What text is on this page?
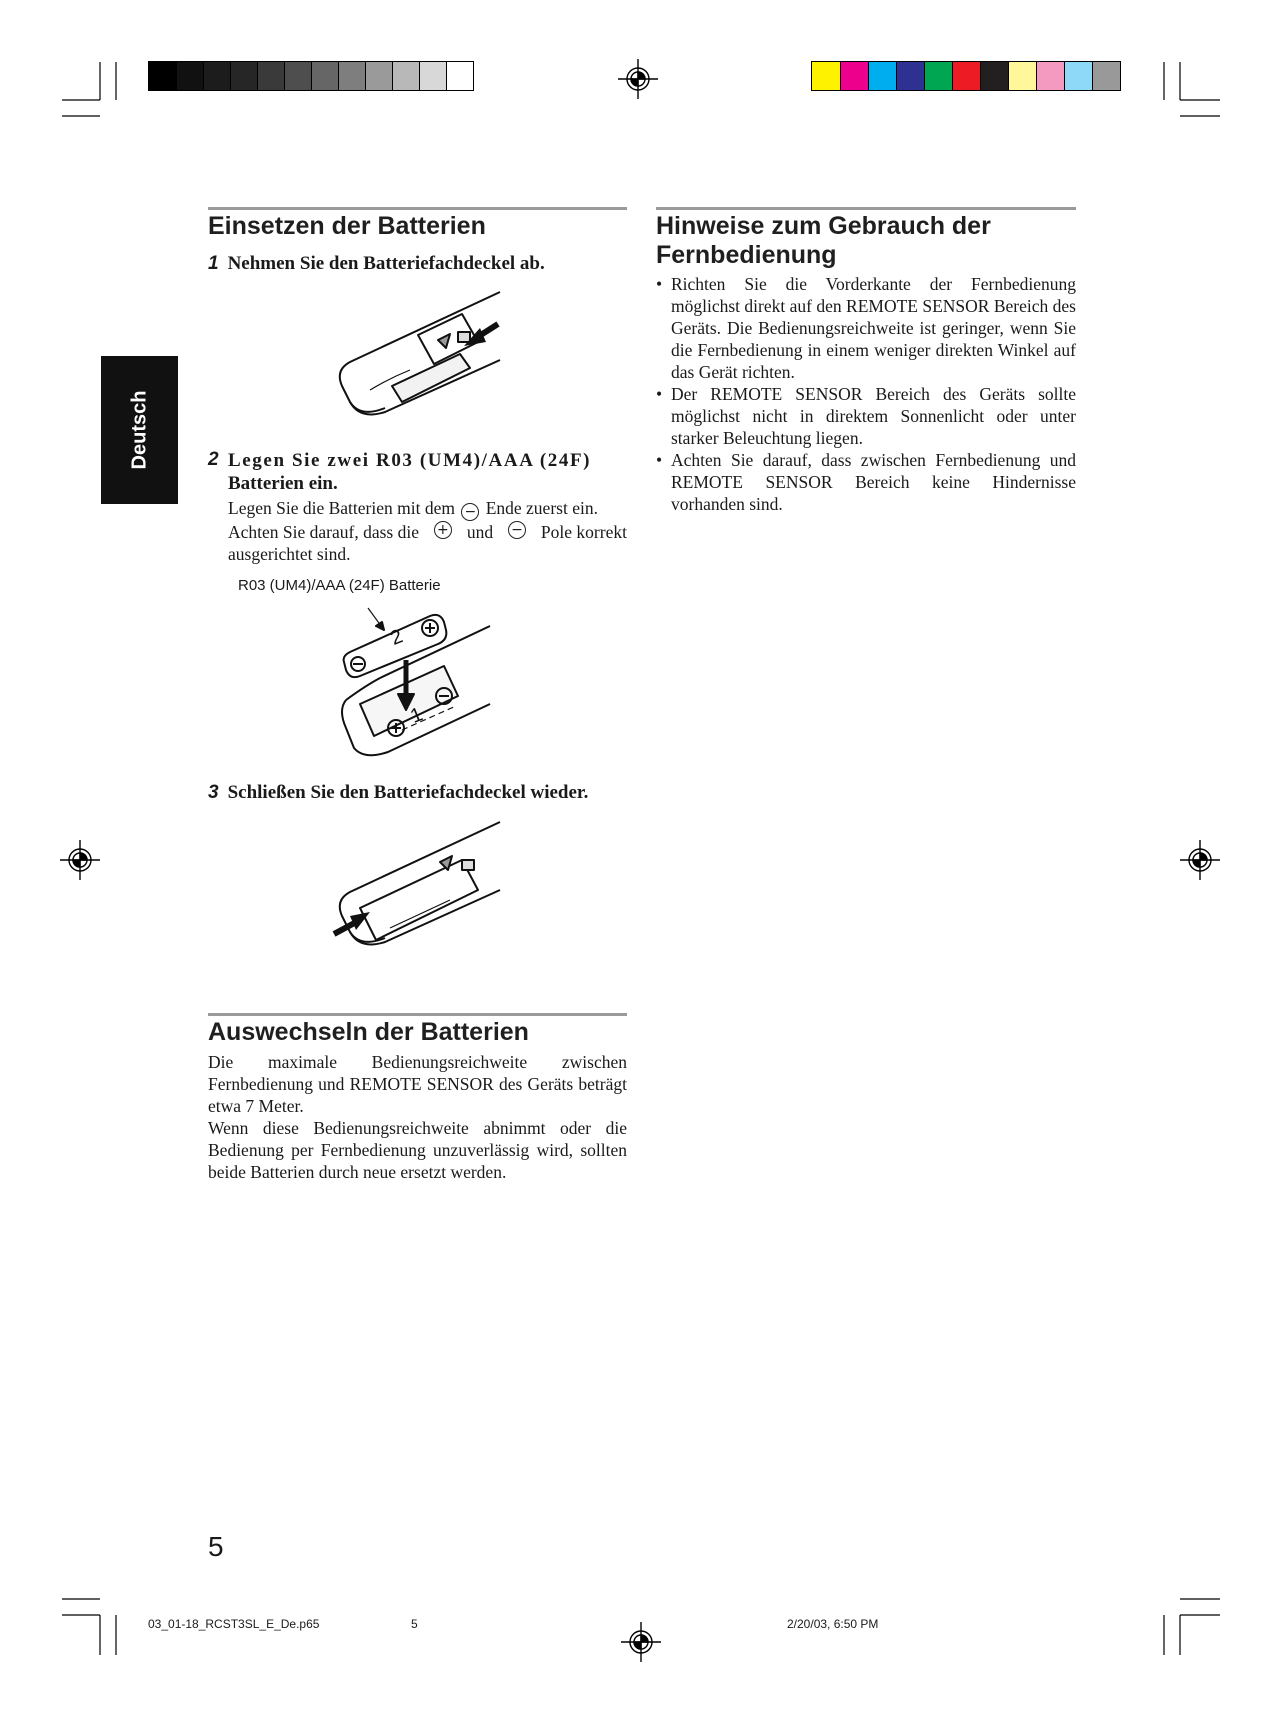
Deutsch
Einsetzen der Batterien
1 Nehmen Sie den Batteriefachdeckel ab.
2 Legen Sie zwei R03 (UM4)/AAA (24F)
Batterien ein.
Legen Sie die Batterien mit dem − Ende zuerst ein.
Achten Sie darauf, dass die + und − Pole korrekt
ausgerichtet sind.
R03 (UM4)/AAA (24F) Batterie
2
1
3 Schließen Sie den Batteriefachdeckel wieder.
Auswechseln der Batterien
Die maximale Bedienungsreichweite zwischen Fernbedienung und REMOTE SENSOR des Geräts beträgt etwa 7 Meter.
Wenn diese Bedienungsreichweite abnimmt oder die Bedienung per Fernbedienung unzuverlässig wird, sollten beide Batterien durch neue ersetzt werden.
Hinweise zum Gebrauch der
Fernbedienung
• Richten Sie die Vorderkante der Fernbedienung möglichst direkt auf den REMOTE SENSOR Bereich des Geräts. Die Bedienungsreichweite ist geringer, wenn Sie die Fernbedienung in einem weniger direkten Winkel auf das Gerät richten.
• Der REMOTE SENSOR Bereich des Geräts sollte möglichst nicht in direktem Sonnenlicht oder unter starker Beleuchtung liegen.
• Achten Sie darauf, dass zwischen Fernbedienung und REMOTE SENSOR Bereich keine Hindernisse vorhanden sind.
5
03_01-18_RCST3SL_E_De.p65	5	2/20/03, 6:50 PM
